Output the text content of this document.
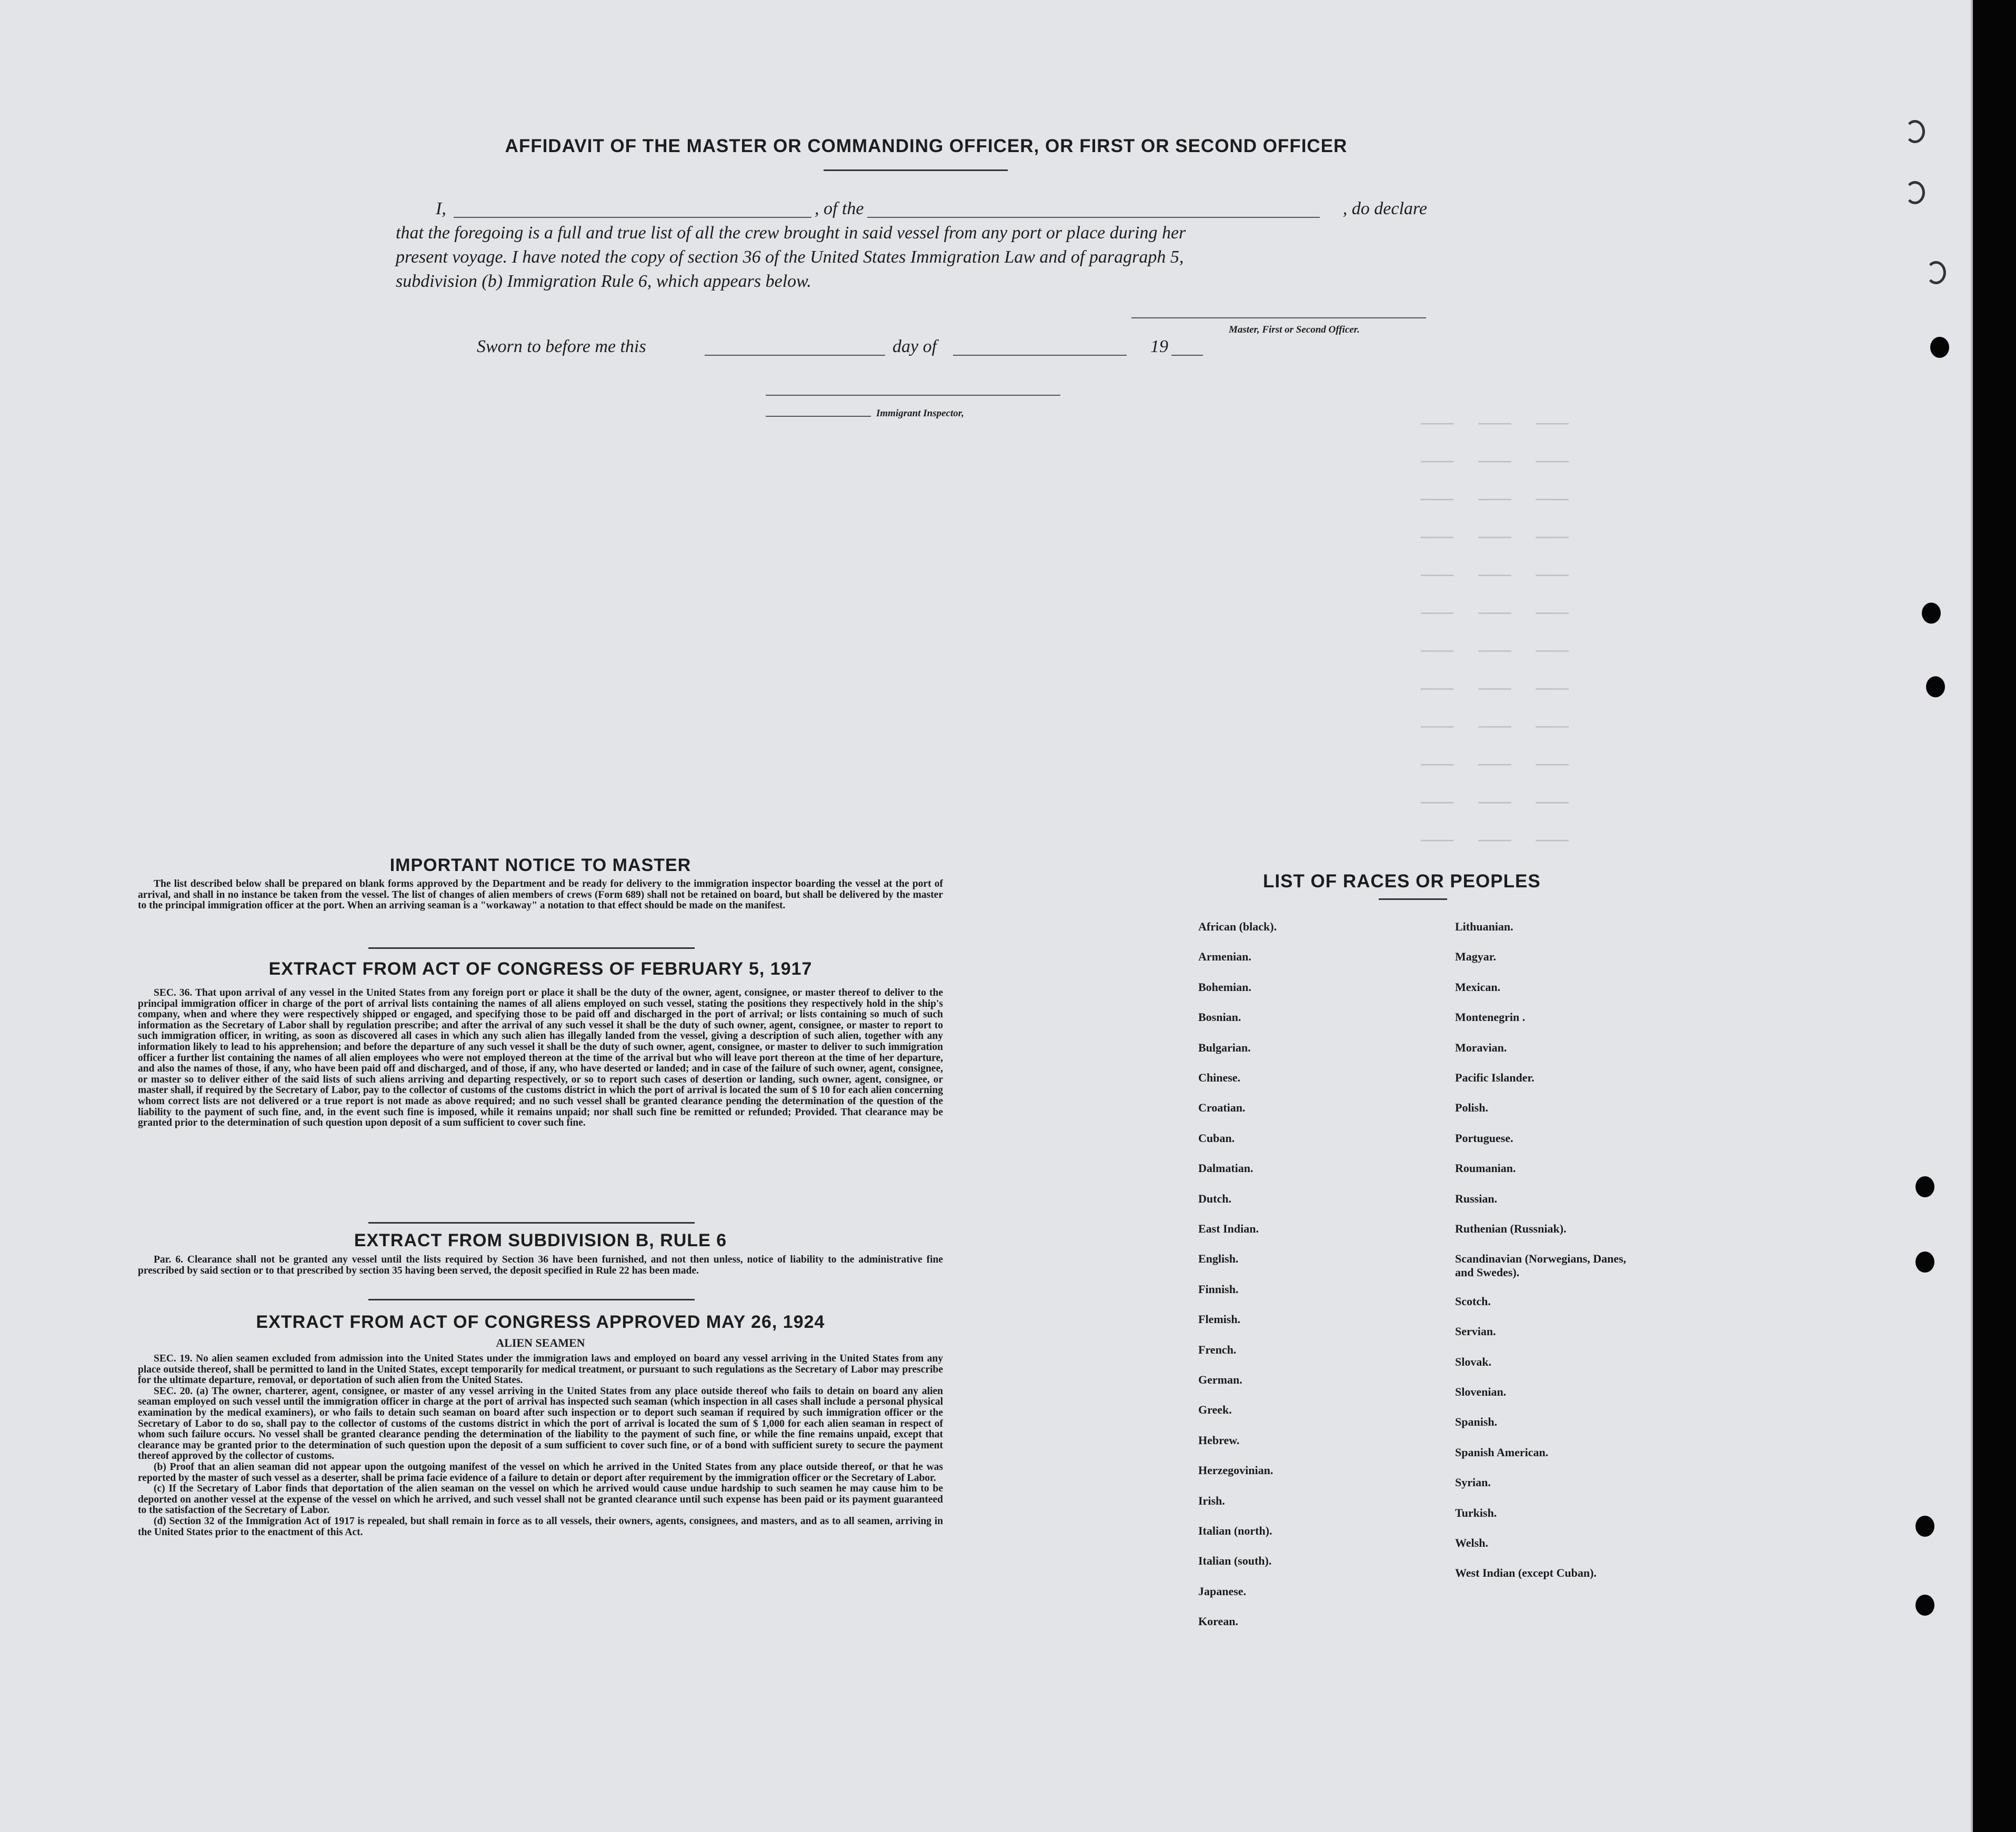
————   ————   ————
————   ————   ————
————   ————   ————
————   ————   ————
————   ————   ————
————   ————   ————
————   ————   ————
————   ————   ————
————   ————   ————
————   ————   ————
————   ————   ————
————   ————   ————
AFFIDAVIT OF THE MASTER OR COMMANDING OFFICER, OR FIRST OR SECOND OFFICER
I,	, of the	, do declare
that the foregoing is a full and true list of all the crew brought in said vessel from any port or place during her
present voyage. I have noted the copy of section 36 of the United States Immigration Law and of paragraph 5,
subdivision (b) Immigration Rule 6, which appears below.
Master, First or Second Officer.
Sworn to before me this	day of	19
Immigrant Inspector,
IMPORTANT NOTICE TO MASTER

The list described below shall be prepared on blank forms approved by the Department and be ready for delivery to the immigration inspector boarding the vessel at the port of arrival, and shall in no instance be taken from the vessel. The list of changes of alien members of crews (Form 689) shall not be retained on board, but shall be delivered by the master to the principal immigration officer at the port. When an arriving seaman is a "workaway" a notation to that effect should be made on the manifest.

EXTRACT FROM ACT OF CONGRESS OF FEBRUARY 5, 1917

SEC. 36. That upon arrival of any vessel in the United States from any foreign port or place it shall be the duty of the owner, agent, consignee, or master thereof to deliver to the principal immigration officer in charge of the port of arrival lists containing the names of all aliens employed on such vessel, stating the positions they respectively hold in the ship's company, when and where they were respectively shipped or engaged, and specifying those to be paid off and discharged in the port of arrival; or lists containing so much of such information as the Secretary of Labor shall by regulation prescribe; and after the arrival of any such vessel it shall be the duty of such owner, agent, consignee, or master to report to such immigration officer, in writing, as soon as discovered all cases in which any such alien has illegally landed from the vessel, giving a description of such alien, together with any information likely to lead to his apprehension; and before the departure of any such vessel it shall be the duty of such owner, agent, consignee, or master to deliver to such immigration officer a further list containing the names of all alien employees who were not employed thereon at the time of the arrival but who will leave port thereon at the time of her departure, and also the names of those, if any, who have been paid off and discharged, and of those, if any, who have deserted or landed; and in case of the failure of such owner, agent, consignee, or master so to deliver either of the said lists of such aliens arriving and departing respectively, or so to report such cases of desertion or landing, such owner, agent, consignee, or master shall, if required by the Secretary of Labor, pay to the collector of customs of the customs district in which the port of arrival is located the sum of $ 10 for each alien concerning whom correct lists are not delivered or a true report is not made as above required; and no such vessel shall be granted clearance pending the determination of the question of the liability to the payment of such fine, and, in the event such fine is imposed, while it remains unpaid; nor shall such fine be remitted or refunded; Provided. That clearance may be granted prior to the determination of such question upon deposit of a sum sufficient to cover such fine.

EXTRACT FROM SUBDIVISION B, RULE 6

Par. 6. Clearance shall not be granted any vessel until the lists required by Section 36 have been furnished, and not then unless, notice of liability to the administrative fine prescribed by said section or to that prescribed by section 35 having been served, the deposit specified in Rule 22 has been made.

EXTRACT FROM ACT OF CONGRESS APPROVED MAY 26, 1924
ALIEN SEAMEN

SEC. 19. No alien seamen excluded from admission into the United States under the immigration laws and employed on board any vessel arriving in the United States from any place outside thereof, shall be permitted to land in the United States, except temporarily for medical treatment, or pursuant to such regulations as the Secretary of Labor may prescribe for the ultimate departure, removal, or deportation of such alien from the United States.

SEC. 20. (a) The owner, charterer, agent, consignee, or master of any vessel arriving in the United States from any place outside thereof who fails to detain on board any alien seaman employed on such vessel until the immigration officer in charge at the port of arrival has inspected such seaman (which inspection in all cases shall include a personal physical examination by the medical examiners), or who fails to detain such seaman on board after such inspection or to deport such seaman if required by such immigration officer or the Secretary of Labor to do so, shall pay to the collector of customs of the customs district in which the port of arrival is located the sum of $ 1,000 for each alien seaman in respect of whom such failure occurs. No vessel shall be granted clearance pending the determination of the liability to the payment of such fine, or while the fine remains unpaid, except that clearance may be granted prior to the determination of such question upon the deposit of a sum sufficient to cover such fine, or of a bond with sufficient surety to secure the payment thereof approved by the collector of customs.

(b) Proof that an alien seaman did not appear upon the outgoing manifest of the vessel on which he arrived in the United States from any place outside thereof, or that he was reported by the master of such vessel as a deserter, shall be prima facie evidence of a failure to detain or deport after requirement by the immigration officer or the Secretary of Labor.

(c) If the Secretary of Labor finds that deportation of the alien seaman on the vessel on which he arrived would cause undue hardship to such seamen he may cause him to be deported on another vessel at the expense of the vessel on which he arrived, and such vessel shall not be granted clearance until such expense has been paid or its payment guaranteed to the satisfaction of the Secretary of Labor.

(d) Section 32 of the Immigration Act of 1917 is repealed, but shall remain in force as to all vessels, their owners, agents, consignees, and masters, and as to all seamen, arriving in the United States prior to the enactment of this Act.

LIST OF RACES OR PEOPLES
African (black).
Armenian.
Bohemian.
Bosnian.
Bulgarian.
Chinese.
Croatian.
Cuban.
Dalmatian.
Dutch.
East Indian.
English.
Finnish.
Flemish.
French.
German.
Greek.
Hebrew.
Herzegovinian.
Irish.
Italian (north).
Italian (south).
Japanese.
Korean.
Lithuanian.
Magyar.
Mexican.
Montenegrin .
Moravian.
Pacific Islander.
Polish.
Portuguese.
Roumanian.
Russian.
Ruthenian (Russniak).
Scandinavian (Norwegians, Danes, and Swedes).
Scotch.
Servian.
Slovak.
Slovenian.
Spanish.
Spanish American.
Syrian.
Turkish.
Welsh.
West Indian (except Cuban).
